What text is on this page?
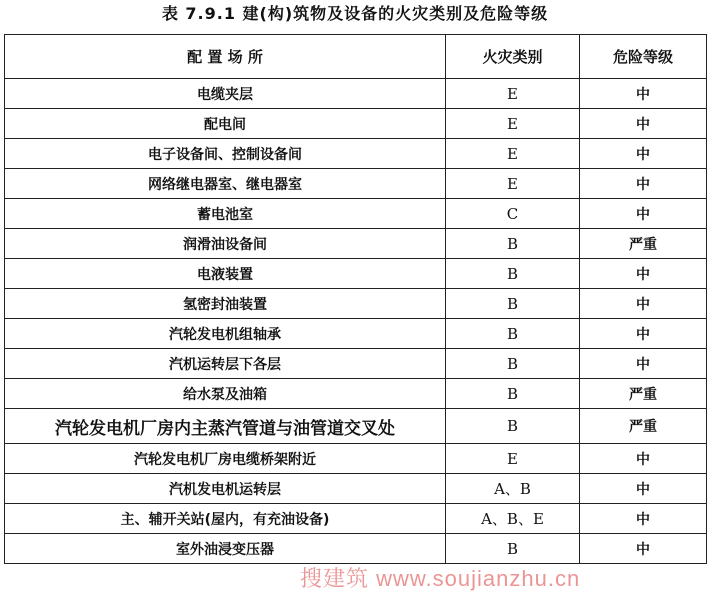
表 7.9.1 建(构)筑物及设备的火灾类别及危险等级
配 置 场 所	火灾类别	危险等级
电缆夹层	E	中
配电间	E	中
电子设备间、控制设备间	E	中
网络继电器室、继电器室	E	中
蓄电池室	C	中
润滑油设备间	B	严重
电液装置	B	中
氢密封油装置	B	中
汽轮发电机组轴承	B	中
汽机运转层下各层	B	中
给水泵及油箱	B	严重
汽轮发电机厂房内主蒸汽管道与油管道交叉处	B	严重
汽轮发电机厂房电缆桥架附近	E	中
汽机发电机运转层	A、B	中
主、辅开关站(屋内，有充油设备)	A、B、E	中
室外油浸变压器	B	中
搜建筑 www.soujianzhu.cn
